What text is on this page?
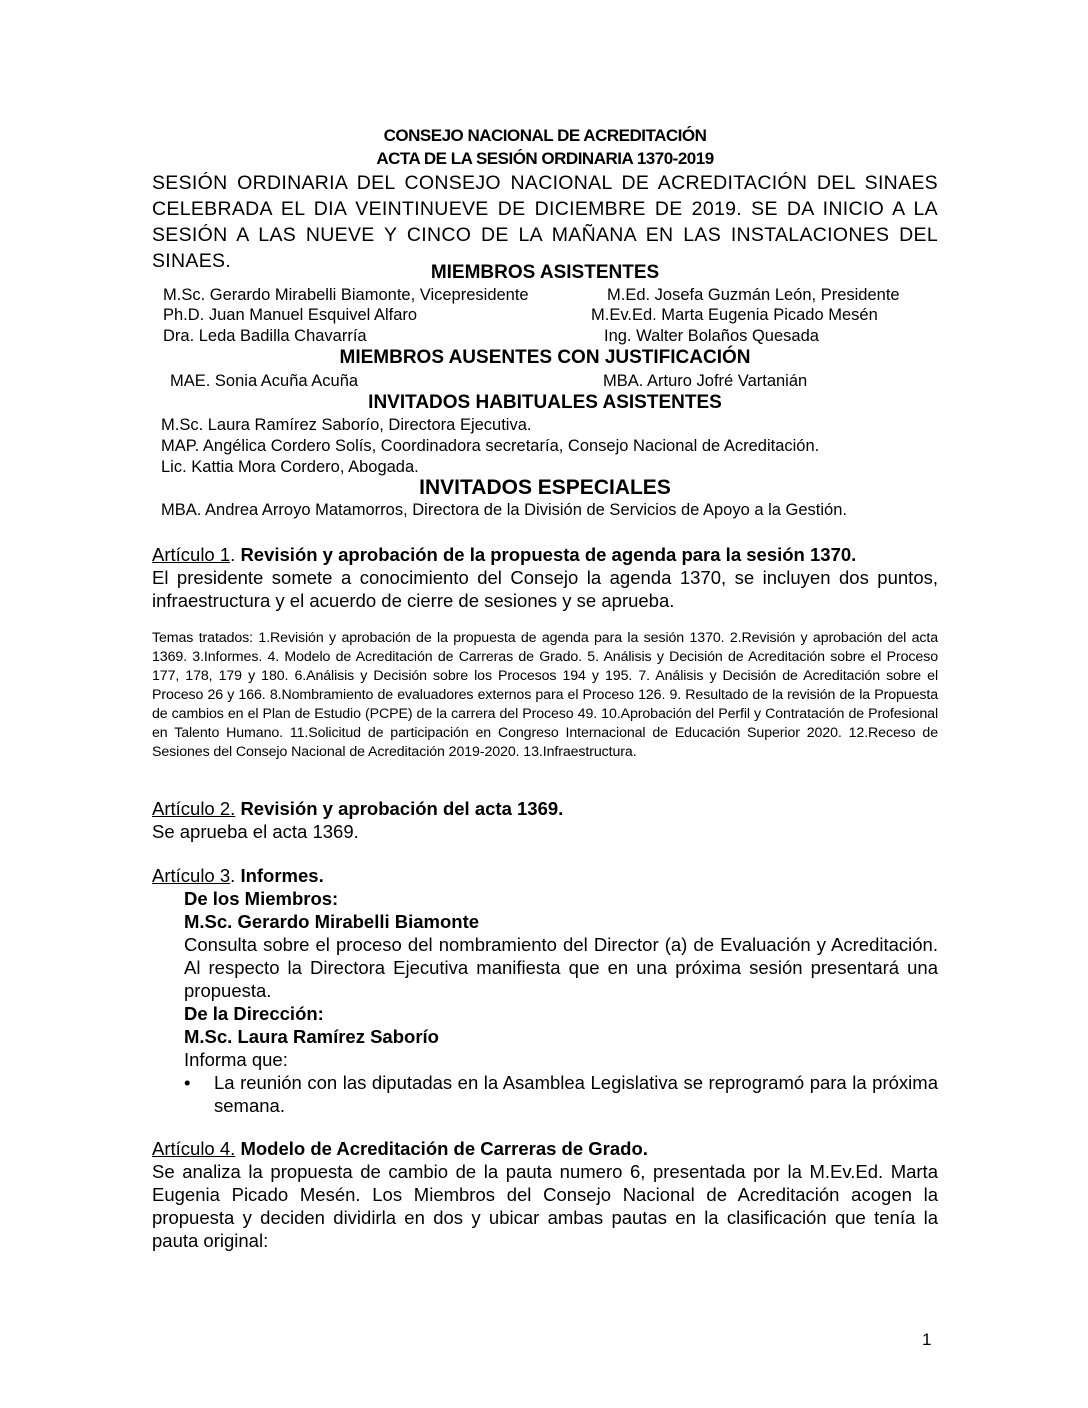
CONSEJO NACIONAL DE ACREDITACIÓN
ACTA DE LA SESIÓN ORDINARIA 1370-2019
SESIÓN ORDINARIA DEL CONSEJO NACIONAL DE ACREDITACIÓN DEL SINAES CELEBRADA EL DIA VEINTINUEVE DE DICIEMBRE DE 2019. SE DA INICIO A LA SESIÓN A LAS NUEVE Y CINCO DE LA MAÑANA EN LAS INSTALACIONES DEL SINAES.
MIEMBROS ASISTENTES
M.Sc. Gerardo Mirabelli Biamonte, Vicepresidente
Ph.D. Juan Manuel Esquivel Alfaro
Dra. Leda Badilla Chavarría
M.Ed. Josefa Guzmán León, Presidente
M.Ev.Ed. Marta Eugenia Picado Mesén
Ing. Walter Bolaños Quesada
MIEMBROS AUSENTES CON JUSTIFICACIÓN
MAE. Sonia Acuña Acuña	MBA. Arturo Jofré Vartanián
INVITADOS HABITUALES ASISTENTES
M.Sc. Laura Ramírez Saborío, Directora Ejecutiva.
MAP. Angélica Cordero Solís, Coordinadora secretaría, Consejo Nacional de Acreditación.
Lic. Kattia Mora Cordero, Abogada.
INVITADOS ESPECIALES
MBA. Andrea Arroyo Matamorros, Directora de la División de Servicios de Apoyo a la Gestión.
Artículo 1. Revisión y aprobación de la propuesta de agenda para la sesión 1370.
El presidente somete a conocimiento del Consejo la agenda 1370, se incluyen dos puntos, infraestructura y el acuerdo de cierre de sesiones y se aprueba.
Temas tratados: 1.Revisión y aprobación de la propuesta de agenda para la sesión 1370. 2.Revisión y aprobación del acta 1369. 3.Informes. 4. Modelo de Acreditación de Carreras de Grado. 5. Análisis y Decisión de Acreditación sobre el Proceso 177, 178, 179 y 180. 6.Análisis y Decisión sobre los Procesos 194 y 195. 7. Análisis y Decisión de Acreditación sobre el Proceso 26 y 166. 8.Nombramiento de evaluadores externos para el Proceso 126. 9. Resultado de la revisión de la Propuesta de cambios en el Plan de Estudio (PCPE) de la carrera del Proceso 49. 10.Aprobación del Perfil y Contratación de Profesional en Talento Humano. 11.Solicitud de participación en Congreso Internacional de Educación Superior 2020. 12.Receso de Sesiones del Consejo Nacional de Acreditación 2019-2020. 13.Infraestructura.
Artículo 2. Revisión y aprobación del acta 1369.
Se aprueba el acta 1369.
Artículo 3. Informes.
De los Miembros:
M.Sc. Gerardo Mirabelli Biamonte
Consulta sobre el proceso del nombramiento del Director (a) de Evaluación y Acreditación. Al respecto la Directora Ejecutiva manifiesta que en una próxima sesión presentará una propuesta.
De la Dirección:
M.Sc. Laura Ramírez Saborío
Informa que:
• La reunión con las diputadas en la Asamblea Legislativa se reprogramó para la próxima semana.
Artículo 4. Modelo de Acreditación de Carreras de Grado.
Se analiza la propuesta de cambio de la pauta numero 6, presentada por la M.Ev.Ed. Marta Eugenia Picado Mesén. Los Miembros del Consejo Nacional de Acreditación acogen la propuesta y deciden dividirla en dos y ubicar ambas pautas en la clasificación que tenía la pauta original:
1
